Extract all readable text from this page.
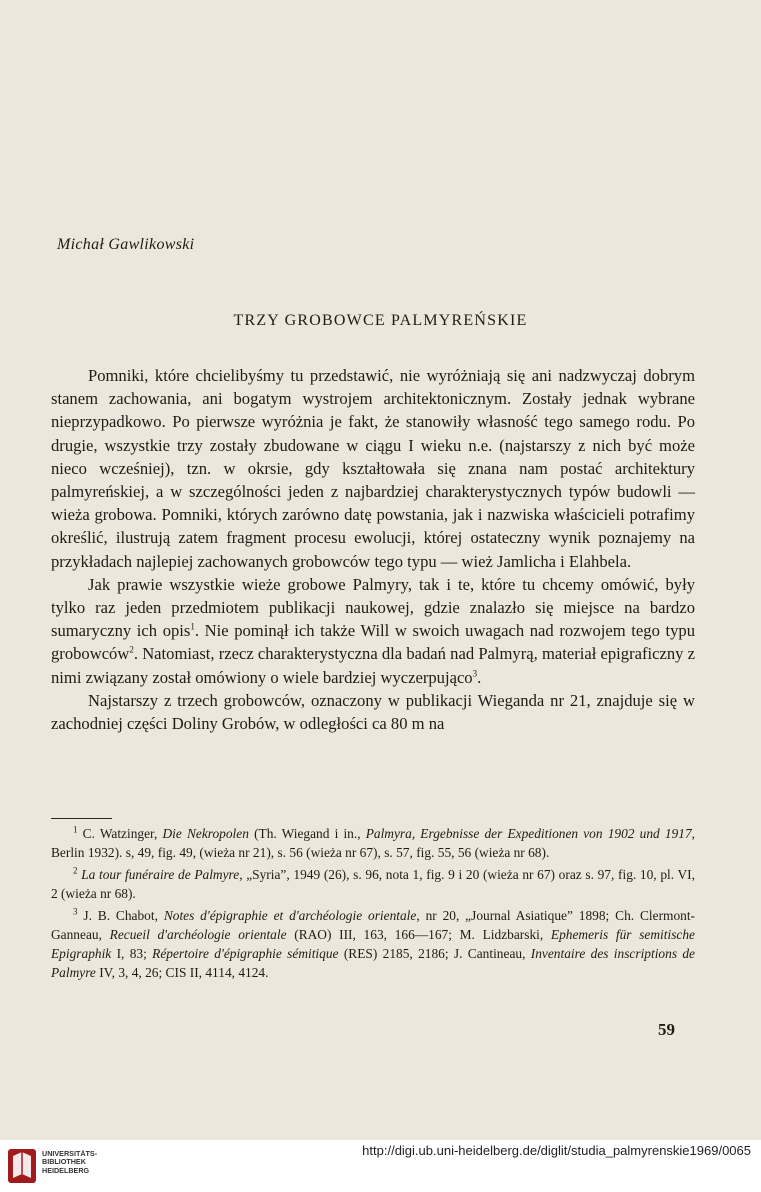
Michał Gawlikowski
TRZY GROBOWCE PALMYREŃSKIE

Pomniki, które chcielibyśmy tu przedstawić, nie wyróżniają się ani nadzwyczaj dobrym stanem zachowania, ani bogatym wystrojem architektonicznym. Zostały jednak wybrane nieprzypadkowo. Po pierwsze wyróżnia je fakt, że stanowiły własność tego samego rodu. Po drugie, wszystkie trzy zostały zbudowane w ciągu I wieku n.e. (najstarszy z nich być może nieco wcześniej), tzn. w okrsie, gdy kształtowała się znana nam postać architektury palmyreńskiej, a w szczególności jeden z najbardziej charakterystycznych typów budowli — wieża grobowa. Pomniki, których zarówno datę powstania, jak i nazwiska właścicieli potrafimy określić, ilustrują zatem fragment procesu ewolucji, której ostateczny wynik poznajemy na przykładach najlepiej zachowanych grobowców tego typu — wież Jamlicha i Elahbela.

Jak prawie wszystkie wieże grobowe Palmyry, tak i te, które tu chcemy omówić, były tylko raz jeden przedmiotem publikacji naukowej, gdzie znalazło się miejsce na bardzo sumaryczny ich opis$^1$. Nie pominął ich także Will w swoich uwagach nad rozwojem tego typu grobowców$^2$. Natomiast, rzecz charakterystyczna dla badań nad Palmyrą, materiał epigraficzny z nimi związany został omówiony o wiele bardziej wyczerpująco$^3$.

Najstarszy z trzech grobowców, oznaczony w publikacji Wieganda nr 21, znajduje się w zachodniej części Doliny Grobów, w odległości ca 80 m na

$^1$ C. Watzinger, Die Nekropolen (Th. Wiegand i in., Palmyra, Ergebnisse der Expeditionen von 1902 und 1917, Berlin 1932). s, 49, fig. 49, (wieża nr 21), s. 56 (wieża nr 67), s. 57, fig. 55, 56 (wieża nr 68).

$^2$ La tour funéraire de Palmyre, „Syria”, 1949 (26), s. 96, nota 1, fig. 9 i 20 (wieża nr 67) oraz s. 97, fig. 10, pl. VI, 2 (wieża nr 68).

$^3$ J. B. Chabot, Notes d'épigraphie et d'archéologie orientale, nr 20, „Journal Asiatique” 1898; Ch. Clermont-Ganneau, Recueil d'archéologie orientale (RAO) III, 163, 166—167; M. Lidzbarski, Ephemeris für semitische Epigraphik I, 83; Répertoire d'épigraphie sémitique (RES) 2185, 2186; J. Cantineau, Inventaire des inscriptions de Palmyre IV, 3, 4, 26; CIS II, 4114, 4124.

59
UNIVERSITÄTS-
BIBLIOTHEK
HEIDELBERG
http://digi.ub.uni-heidelberg.de/diglit/studia_palmyrenskie1969/0065
